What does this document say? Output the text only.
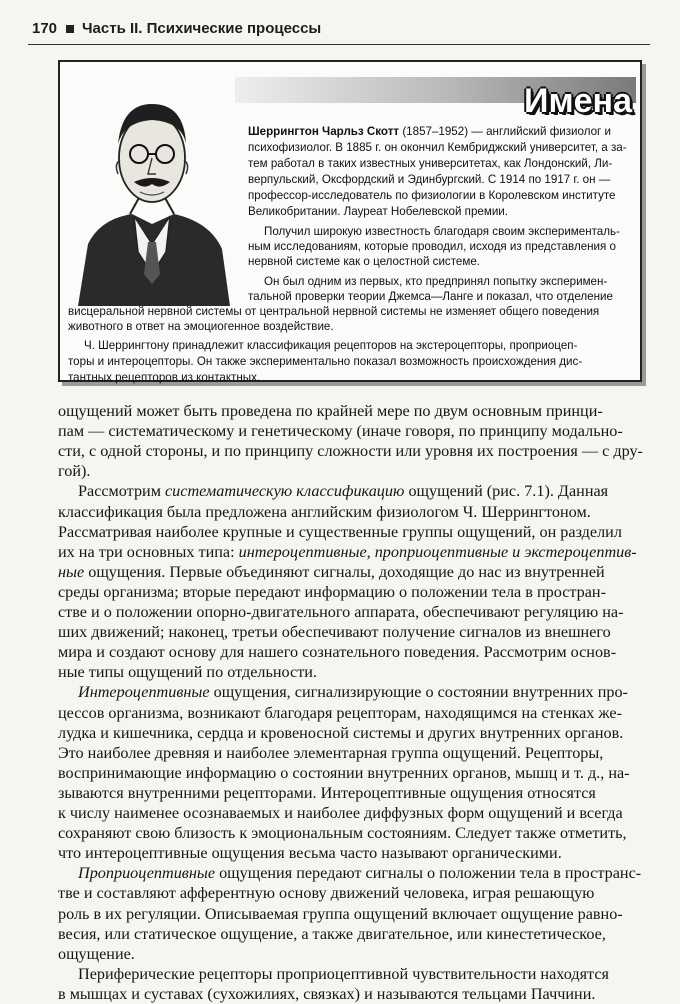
170 Часть II. Психические процессы
Имена
Шеррингтон Чарльз Скотт (1857–1952) — английский физиолог и
психофизиолог. В 1885 г. он окончил Кембриджский университет, а за-
тем работал в таких известных университетах, как Лондонский, Ли-
верпульский, Оксфордский и Эдинбургский. С 1914 по 1917 г. он —
профессор-исследователь по физиологии в Королевском институте
Великобритании. Лауреат Нобелевской премии.
Получил широкую известность благодаря своим эксперименталь-
ным исследованиям, которые проводил, исходя из представления о
нервной системе как о целостной системе.
Он был одним из первых, кто предпринял попытку эксперимен-
тальной проверки теории Джемса—Ланге и показал, что отделение
висцеральной нервной системы от центральной нервной системы не изменяет общего поведения
животного в ответ на эмоциогенное воздействие.
Ч. Шеррингтону принадлежит классификация рецепторов на экстероцепторы, проприоцеп-
торы и интероцепторы. Он также экспериментально показал возможность происхождения дис-
тантных рецепторов из контактных.
ощущений может быть проведена по крайней мере по двум основным принци-
пам — систематическому и генетическому (иначе говоря, по принципу модально-
сти, с одной стороны, и по принципу сложности или уровня их построения — с дру-
гой).
Рассмотрим систематическую классификацию ощущений (рис. 7.1). Данная
классификация была предложена английским физиологом Ч. Шеррингтоном.
Рассматривая наиболее крупные и существенные группы ощущений, он разделил
их на три основных типа: интероцептивные, проприоцептивные и экстероцептив-
ные ощущения. Первые объединяют сигналы, доходящие до нас из внутренней
среды организма; вторые передают информацию о положении тела в простран-
стве и о положении опорно-двигательного аппарата, обеспечивают регуляцию на-
ших движений; наконец, третьи обеспечивают получение сигналов из внешнего
мира и создают основу для нашего сознательного поведения. Рассмотрим основ-
ные типы ощущений по отдельности.
Интероцептивные ощущения, сигнализирующие о состоянии внутренних про-
цессов организма, возникают благодаря рецепторам, находящимся на стенках же-
лудка и кишечника, сердца и кровеносной системы и других внутренних органов.
Это наиболее древняя и наиболее элементарная группа ощущений. Рецепторы,
воспринимающие информацию о состоянии внутренних органов, мышц и т. д., на-
зываются внутренними рецепторами. Интероцептивные ощущения относятся
к числу наименее осознаваемых и наиболее диффузных форм ощущений и всегда
сохраняют свою близость к эмоциональным состояниям. Следует также отметить,
что интероцептивные ощущения весьма часто называют органическими.
Проприоцептивные ощущения передают сигналы о положении тела в пространс-
тве и составляют афферентную основу движений человека, играя решающую
роль в их регуляции. Описываемая группа ощущений включает ощущение равно-
весия, или статическое ощущение, а также двигательное, или кинестетическое,
ощущение.
Периферические рецепторы проприоцептивной чувствительности находятся
в мышцах и суставах (сухожилиях, связках) и называются тельцами Паччини.
